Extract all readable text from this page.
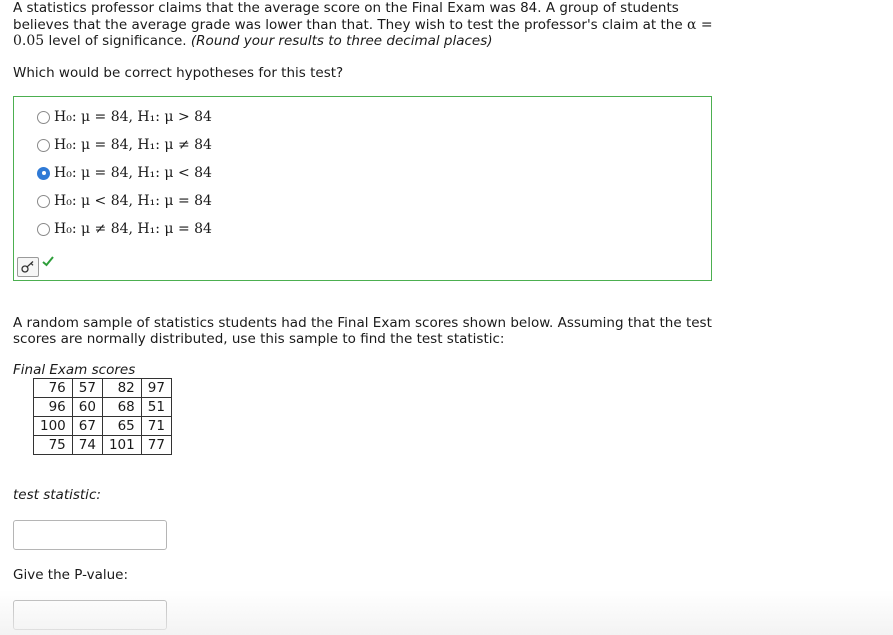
A statistics professor claims that the average score on the Final Exam was 84. A group of students believes that the average grade was lower than that. They wish to test the professor's claim at the α = 0.05 level of significance. (Round your results to three decimal places)
Which would be correct hypotheses for this test?
H₀: μ = 84, H₁: μ > 84
H₀: μ = 84, H₁: μ ≠ 84
H₀: μ = 84, H₁: μ < 84
H₀: μ < 84, H₁: μ = 84
H₀: μ ≠ 84, H₁: μ = 84
A random sample of statistics students had the Final Exam scores shown below. Assuming that the test scores are normally distributed, use this sample to find the test statistic:
Final Exam scores
76	57	82	97
96	60	68	51
100	67	65	71
75	74	101	77
test statistic:
Give the P-value:
